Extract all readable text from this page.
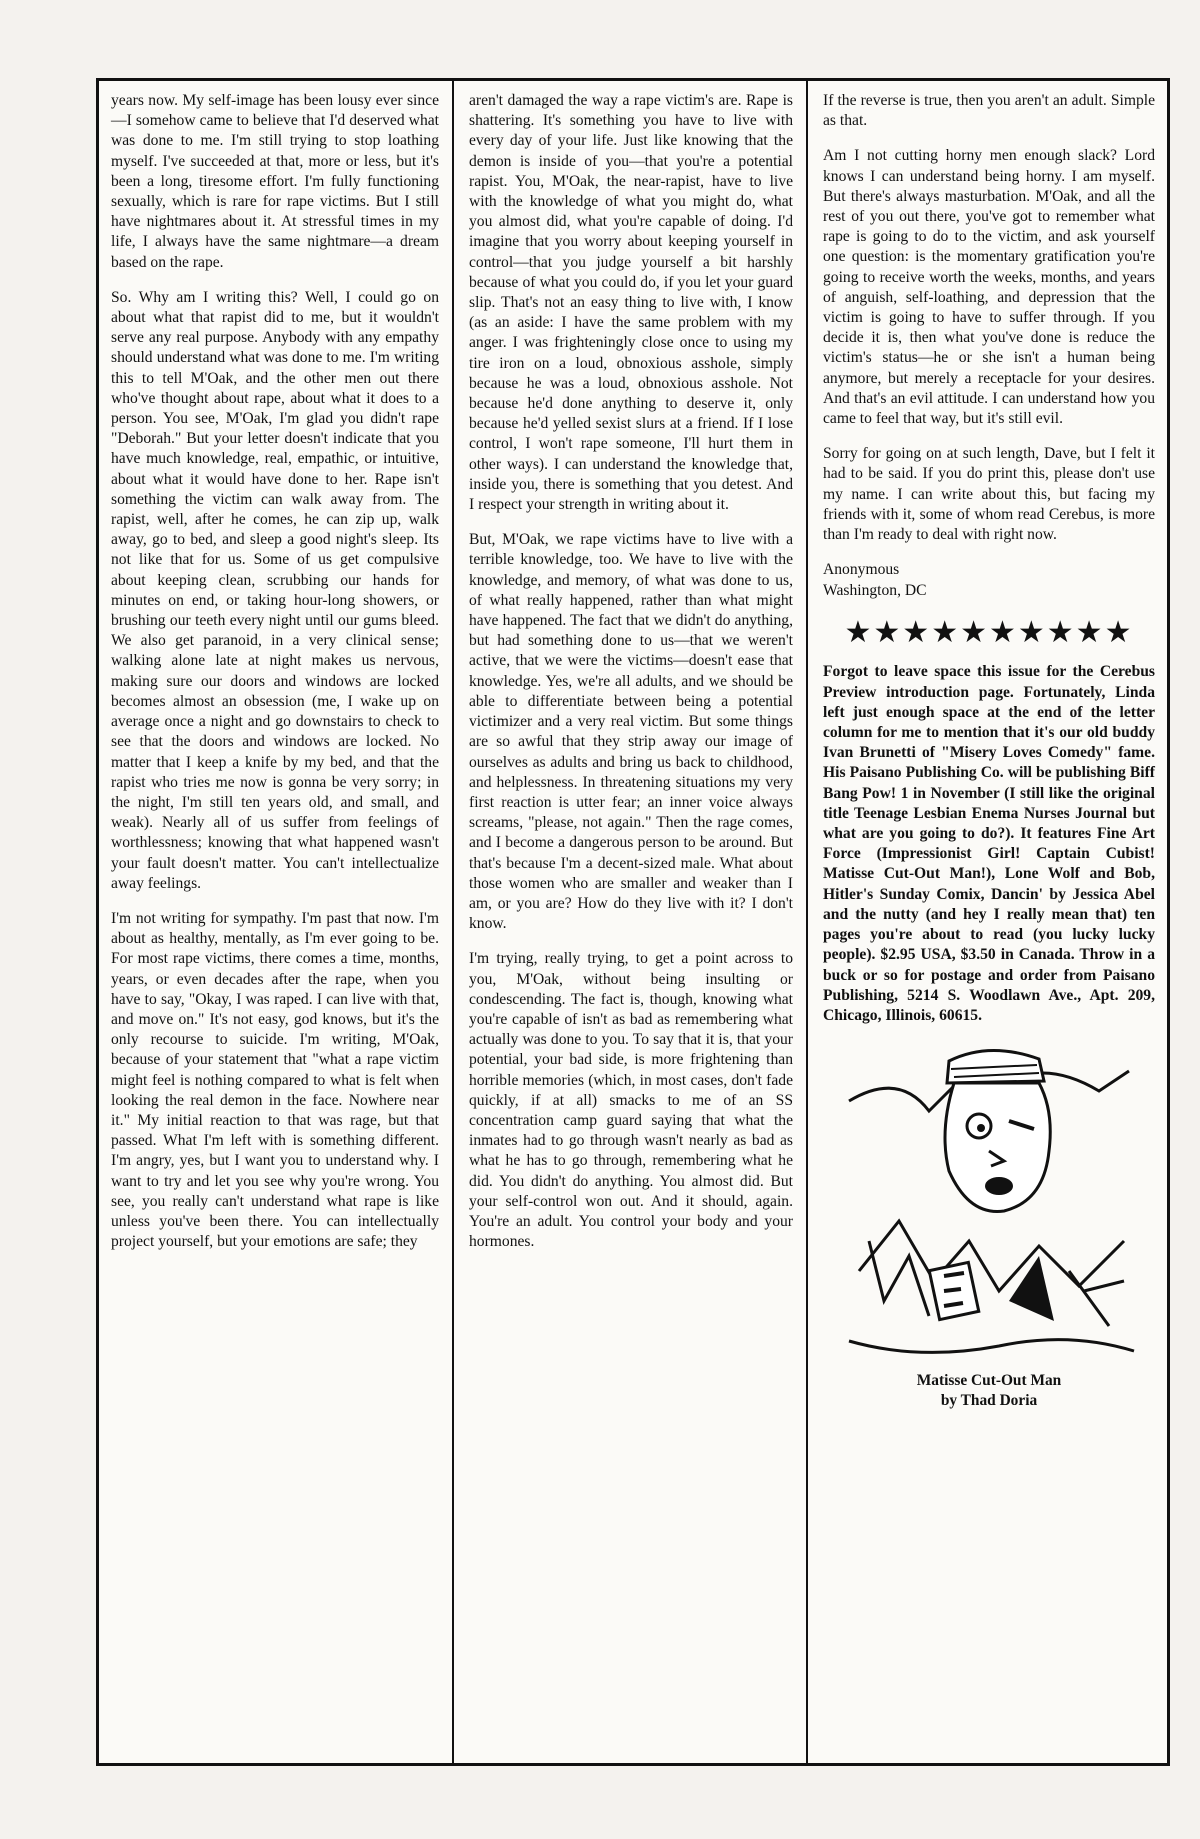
years now. My self-image has been lousy ever since—I somehow came to believe that I'd deserved what was done to me. I'm still trying to stop loathing myself. I've succeeded at that, more or less, but it's been a long, tiresome effort. I'm fully functioning sexually, which is rare for rape victims. But I still have nightmares about it. At stressful times in my life, I always have the same nightmare—a dream based on the rape.

So. Why am I writing this? Well, I could go on about what that rapist did to me, but it wouldn't serve any real purpose. Anybody with any empathy should understand what was done to me. I'm writing this to tell M'Oak, and the other men out there who've thought about rape, about what it does to a person. You see, M'Oak, I'm glad you didn't rape "Deborah." But your letter doesn't indicate that you have much knowledge, real, empathic, or intuitive, about what it would have done to her. Rape isn't something the victim can walk away from. The rapist, well, after he comes, he can zip up, walk away, go to bed, and sleep a good night's sleep. Its not like that for us. Some of us get compulsive about keeping clean, scrubbing our hands for minutes on end, or taking hour-long showers, or brushing our teeth every night until our gums bleed. We also get paranoid, in a very clinical sense; walking alone late at night makes us nervous, making sure our doors and windows are locked becomes almost an obsession (me, I wake up on average once a night and go downstairs to check to see that the doors and windows are locked. No matter that I keep a knife by my bed, and that the rapist who tries me now is gonna be very sorry; in the night, I'm still ten years old, and small, and weak). Nearly all of us suffer from feelings of worthlessness; knowing that what happened wasn't your fault doesn't matter. You can't intellectualize away feelings.

I'm not writing for sympathy. I'm past that now. I'm about as healthy, mentally, as I'm ever going to be. For most rape victims, there comes a time, months, years, or even decades after the rape, when you have to say, "Okay, I was raped. I can live with that, and move on." It's not easy, god knows, but it's the only recourse to suicide. I'm writing, M'Oak, because of your statement that "what a rape victim might feel is nothing compared to what is felt when looking the real demon in the face. Nowhere near it." My initial reaction to that was rage, but that passed. What I'm left with is something different. I'm angry, yes, but I want you to understand why. I want to try and let you see why you're wrong. You see, you really can't understand what rape is like unless you've been there. You can intellectually project yourself, but your emotions are safe; they

aren't damaged the way a rape victim's are. Rape is shattering. It's something you have to live with every day of your life. Just like knowing that the demon is inside of you—that you're a potential rapist. You, M'Oak, the near-rapist, have to live with the knowledge of what you might do, what you almost did, what you're capable of doing. I'd imagine that you worry about keeping yourself in control—that you judge yourself a bit harshly because of what you could do, if you let your guard slip. That's not an easy thing to live with, I know (as an aside: I have the same problem with my anger. I was frighteningly close once to using my tire iron on a loud, obnoxious asshole, simply because he was a loud, obnoxious asshole. Not because he'd done anything to deserve it, only because he'd yelled sexist slurs at a friend. If I lose control, I won't rape someone, I'll hurt them in other ways). I can understand the knowledge that, inside you, there is something that you detest. And I respect your strength in writing about it.

But, M'Oak, we rape victims have to live with a terrible knowledge, too. We have to live with the knowledge, and memory, of what was done to us, of what really happened, rather than what might have happened. The fact that we didn't do anything, but had something done to us—that we weren't active, that we were the victims—doesn't ease that knowledge. Yes, we're all adults, and we should be able to differentiate between being a potential victimizer and a very real victim. But some things are so awful that they strip away our image of ourselves as adults and bring us back to childhood, and helplessness. In threatening situations my very first reaction is utter fear; an inner voice always screams, "please, not again." Then the rage comes, and I become a dangerous person to be around. But that's because I'm a decent-sized male. What about those women who are smaller and weaker than I am, or you are? How do they live with it? I don't know.

I'm trying, really trying, to get a point across to you, M'Oak, without being insulting or condescending. The fact is, though, knowing what you're capable of isn't as bad as remembering what actually was done to you. To say that it is, that your potential, your bad side, is more frightening than horrible memories (which, in most cases, don't fade quickly, if at all) smacks to me of an SS concentration camp guard saying that what the inmates had to go through wasn't nearly as bad as what he has to go through, remembering what he did. You didn't do anything. You almost did. But your self-control won out. And it should, again. You're an adult. You control your body and your hormones.

If the reverse is true, then you aren't an adult. Simple as that.

Am I not cutting horny men enough slack? Lord knows I can understand being horny. I am myself. But there's always masturbation. M'Oak, and all the rest of you out there, you've got to remember what rape is going to do to the victim, and ask yourself one question: is the momentary gratification you're going to receive worth the weeks, months, and years of anguish, self-loathing, and depression that the victim is going to have to suffer through. If you decide it is, then what you've done is reduce the victim's status—he or she isn't a human being anymore, but merely a receptacle for your desires. And that's an evil attitude. I can understand how you came to feel that way, but it's still evil.

Sorry for going on at such length, Dave, but I felt it had to be said. If you do print this, please don't use my name. I can write about this, but facing my friends with it, some of whom read Cerebus, is more than I'm ready to deal with right now.

Anonymous
Washington, DC
★★★★★★★★★★

Forgot to leave space this issue for the Cerebus Preview introduction page. Fortunately, Linda left just enough space at the end of the letter column for me to mention that it's our old buddy Ivan Brunetti of "Misery Loves Comedy" fame. His Paisano Publishing Co. will be publishing Biff Bang Pow! 1 in November (I still like the original title Teenage Lesbian Enema Nurses Journal but what are you going to do?). It features Fine Art Force (Impressionist Girl! Captain Cubist! Matisse Cut-Out Man!), Lone Wolf and Bob, Hitler's Sunday Comix, Dancin' by Jessica Abel and the nutty (and hey I really mean that) ten pages you're about to read (you lucky lucky people). $2.95 USA, $3.50 in Canada. Throw in a buck or so for postage and order from Paisano Publishing, 5214 S. Woodlawn Ave., Apt. 209, Chicago, Illinois, 60615.

Matisse Cut-Out Man
by Thad Doria
